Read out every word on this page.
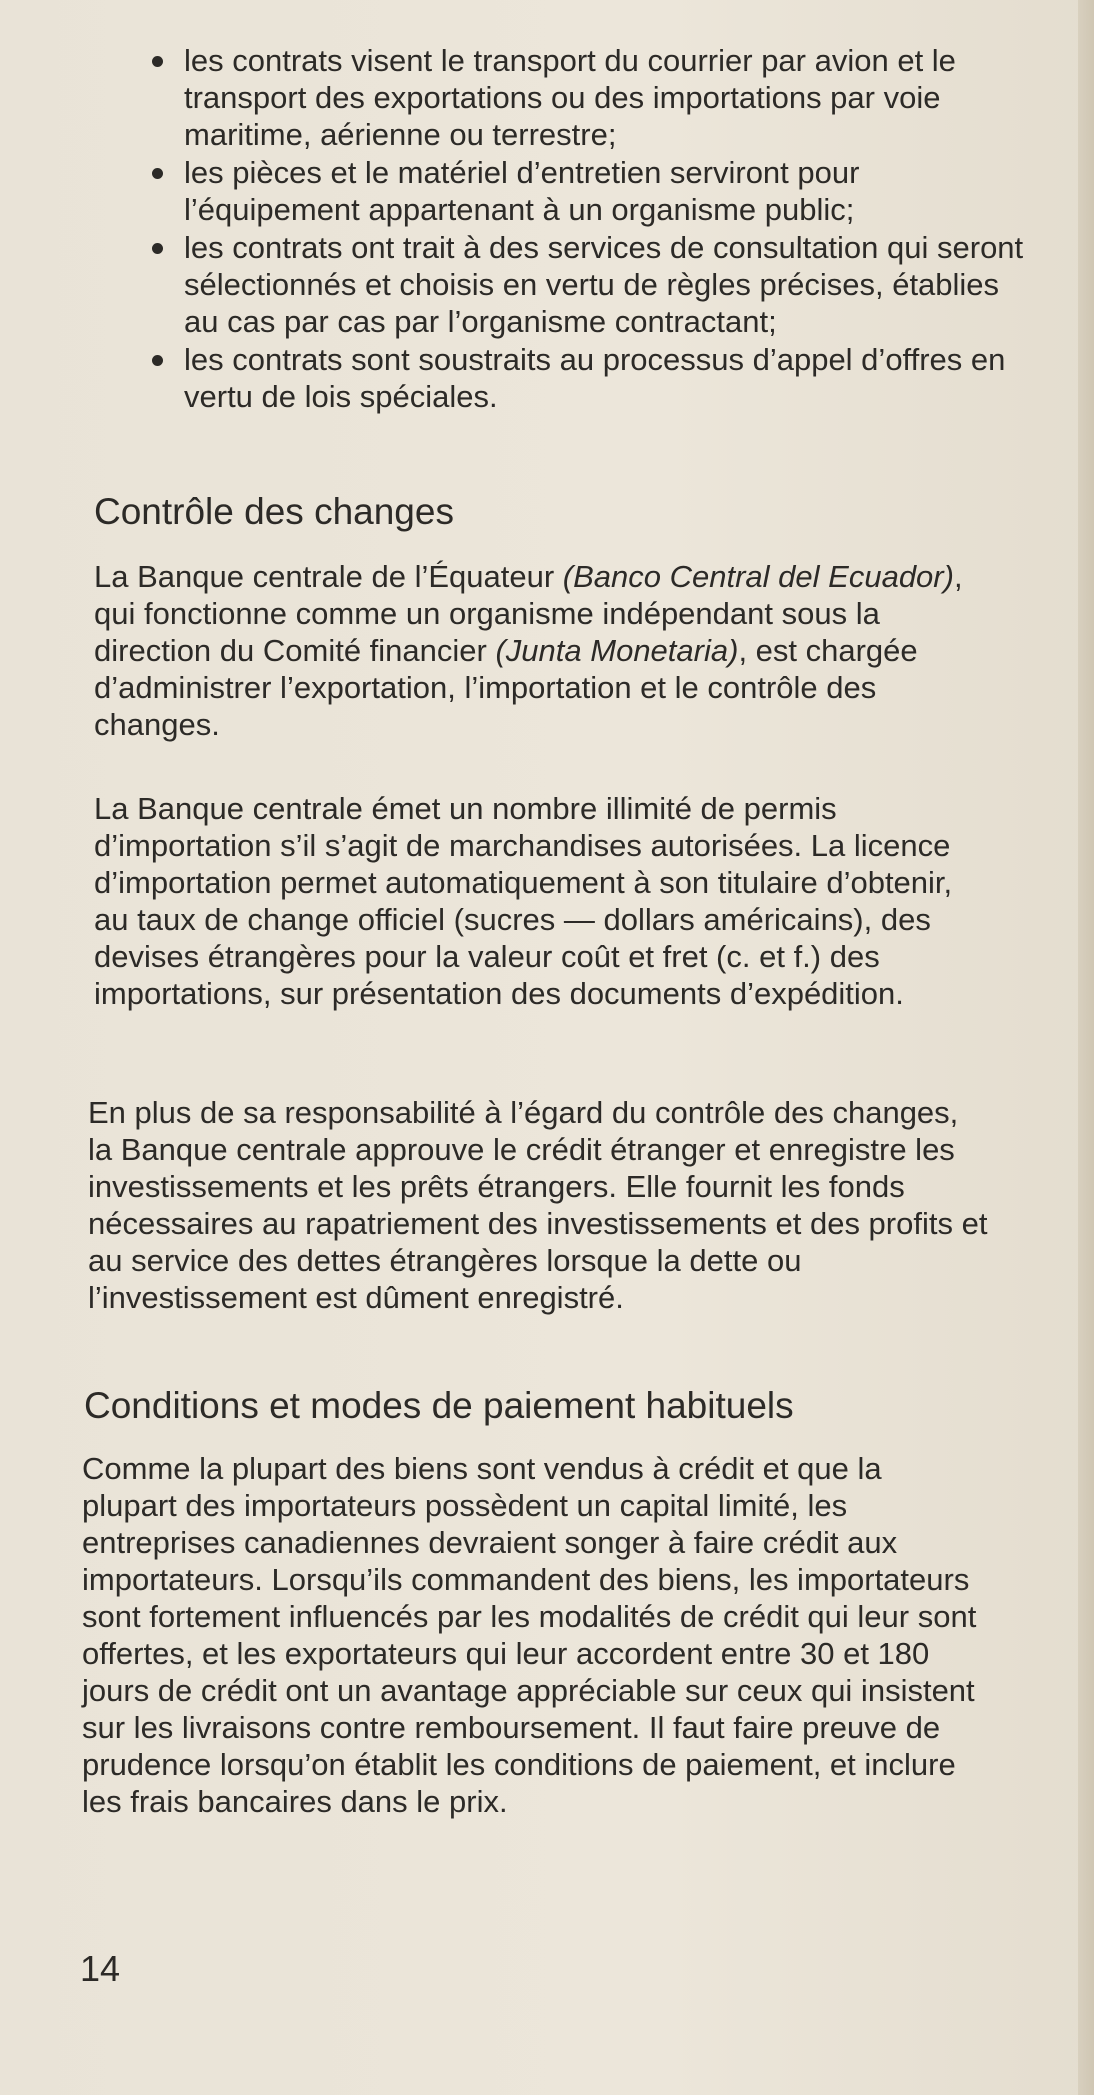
les contrats visent le transport du courrier par avion et le transport des exportations ou des importations par voie maritime, aérienne ou terrestre;
les pièces et le matériel d’entretien serviront pour l’équipement appartenant à un organisme public;
les contrats ont trait à des services de consultation qui seront sélectionnés et choisis en vertu de règles précises, établies au cas par cas par l’organisme contractant;
les contrats sont soustraits au processus d’appel d’offres en vertu de lois spéciales.
Contrôle des changes

La Banque centrale de l’Équateur (Banco Central del Ecuador), qui fonctionne comme un organisme indépendant sous la direction du Comité financier (Junta Monetaria), est chargée d’administrer l’exportation, l’importation et le contrôle des changes.

La Banque centrale émet un nombre illimité de permis d’importation s’il s’agit de marchandises autorisées. La licence d’importation permet automatiquement à son titulaire d’obtenir, au taux de change officiel (sucres — dollars américains), des devises étrangères pour la valeur coût et fret (c. et f.) des importations, sur présentation des documents d’expédition.

En plus de sa responsabilité à l’égard du contrôle des changes, la Banque centrale approuve le crédit étranger et enregistre les investissements et les prêts étrangers. Elle fournit les fonds nécessaires au rapatriement des investissements et des profits et au service des dettes étrangères lorsque la dette ou l’investissement est dûment enregistré.

Conditions et modes de paiement habituels

Comme la plupart des biens sont vendus à crédit et que la plupart des importateurs possèdent un capital limité, les entreprises canadiennes devraient songer à faire crédit aux importateurs. Lorsqu’ils commandent des biens, les importateurs sont fortement influencés par les modalités de crédit qui leur sont offertes, et les exportateurs qui leur accordent entre 30 et 180 jours de crédit ont un avantage appréciable sur ceux qui insistent sur les livraisons contre remboursement. Il faut faire preuve de prudence lorsqu’on établit les conditions de paiement, et inclure les frais bancaires dans le prix.

14
